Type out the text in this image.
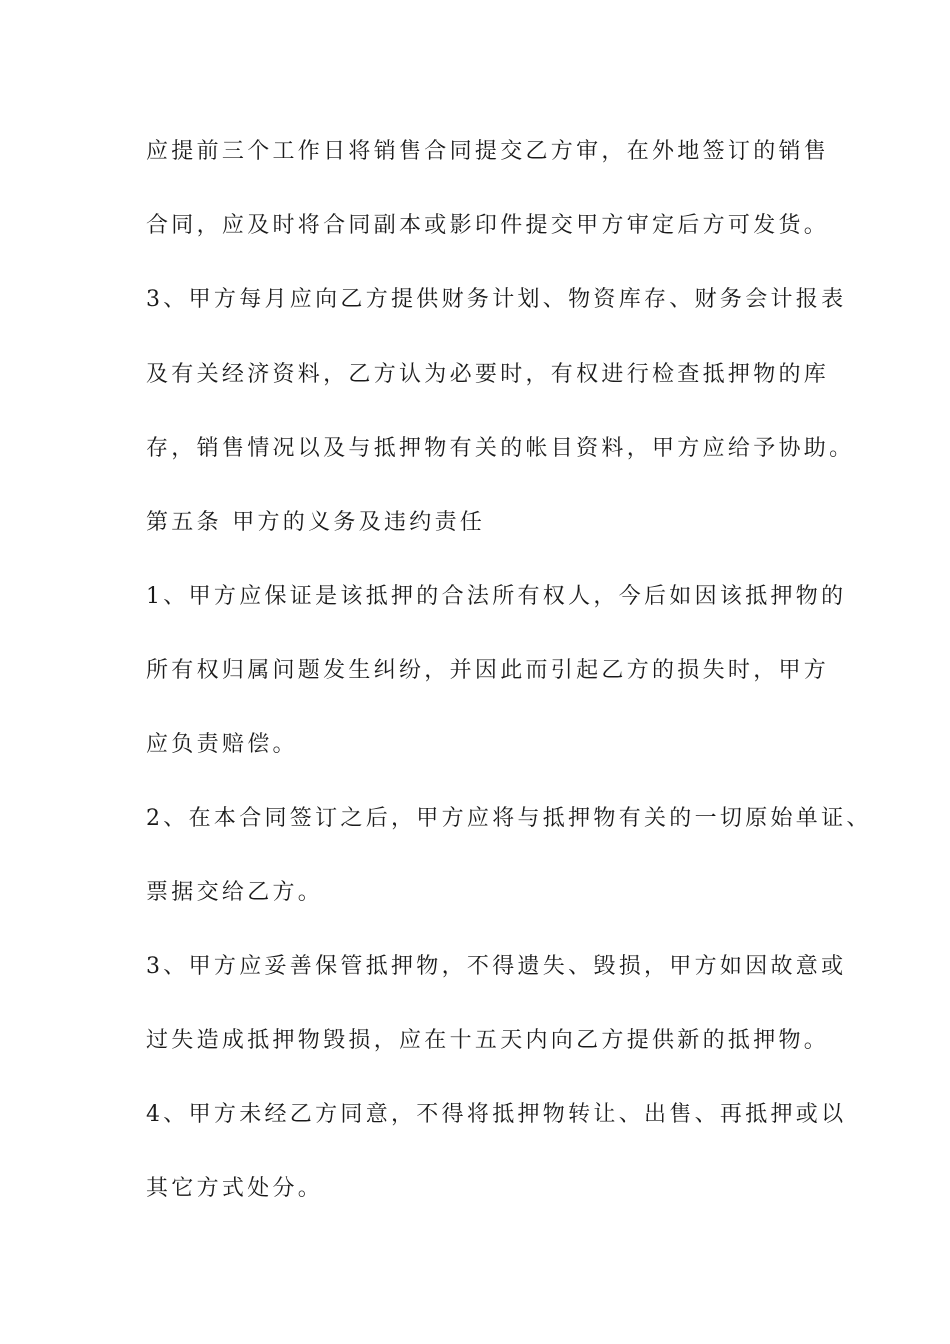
应提前三个工作日将销售合同提交乙方审，在外地签订的销售
合同，应及时将合同副本或影印件提交甲方审定后方可发货。
3、甲方每月应向乙方提供财务计划、物资库存、财务会计报表
及有关经济资料，乙方认为必要时，有权进行检查抵押物的库
存，销售情况以及与抵押物有关的帐目资料，甲方应给予协助。
第五条 甲方的义务及违约责任
1、甲方应保证是该抵押的合法所有权人，今后如因该抵押物的
所有权归属问题发生纠纷，并因此而引起乙方的损失时，甲方
应负责赔偿。
2、在本合同签订之后，甲方应将与抵押物有关的一切原始单证、
票据交给乙方。
3、甲方应妥善保管抵押物，不得遗失、毁损，甲方如因故意或
过失造成抵押物毁损，应在十五天内向乙方提供新的抵押物。
4、甲方未经乙方同意，不得将抵押物转让、出售、再抵押或以
其它方式处分。
